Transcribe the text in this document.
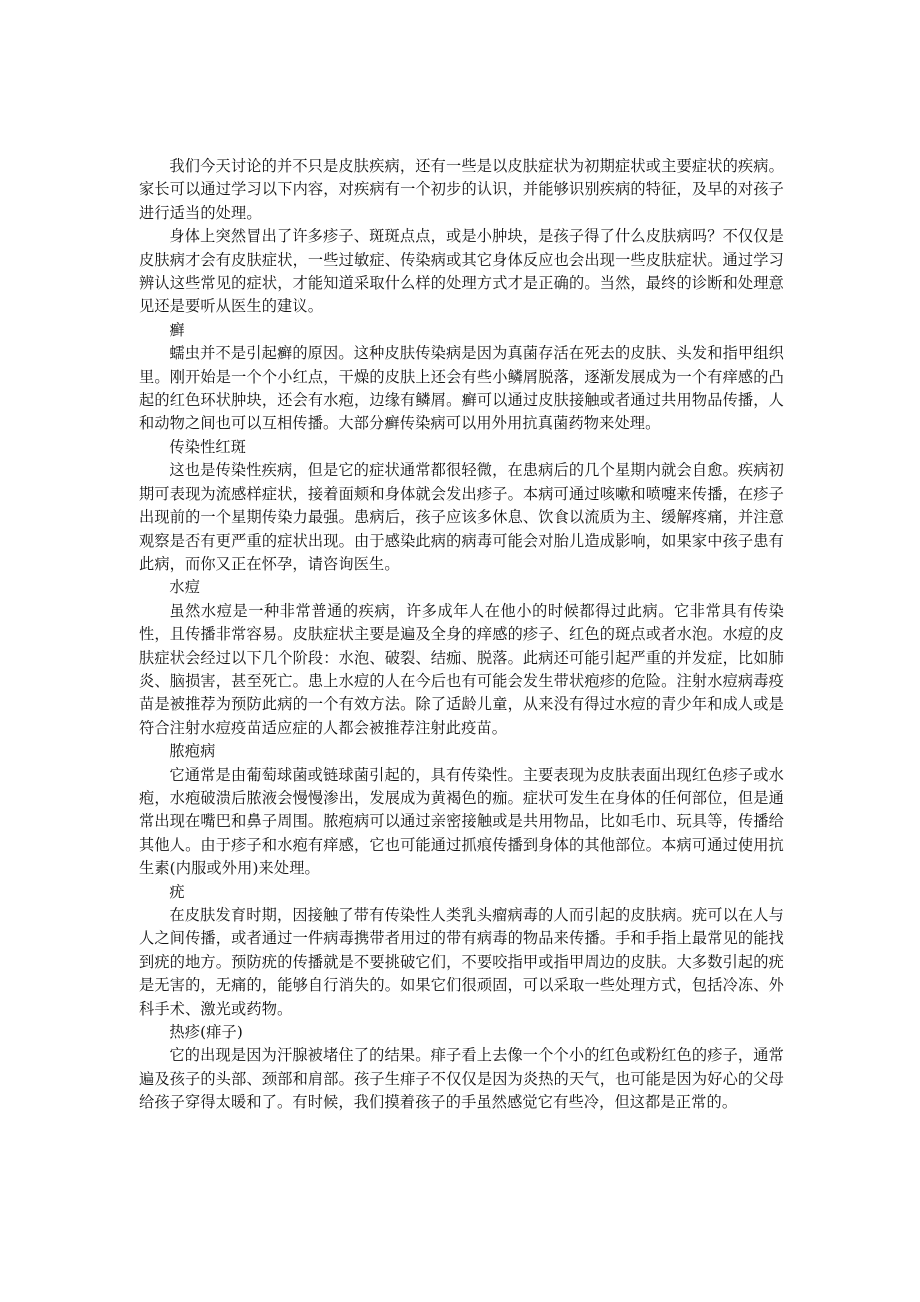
我们今天讨论的并不只是皮肤疾病，还有一些是以皮肤症状为初期症状或主要症状的疾病。家长可以通过学习以下内容，对疾病有一个初步的认识，并能够识别疾病的特征，及早的对孩子进行适当的处理。

身体上突然冒出了许多疹子、斑斑点点，或是小肿块，是孩子得了什么皮肤病吗？不仅仅是皮肤病才会有皮肤症状，一些过敏症、传染病或其它身体反应也会出现一些皮肤症状。通过学习辨认这些常见的症状，才能知道采取什么样的处理方式才是正确的。当然，最终的诊断和处理意见还是要听从医生的建议。

癣

蠕虫并不是引起癣的原因。这种皮肤传染病是因为真菌存活在死去的皮肤、头发和指甲组织里。刚开始是一个个小红点，干燥的皮肤上还会有些小鳞屑脱落，逐渐发展成为一个有痒感的凸起的红色环状肿块，还会有水疱，边缘有鳞屑。癣可以通过皮肤接触或者通过共用物品传播，人和动物之间也可以互相传播。大部分癣传染病可以用外用抗真菌药物来处理。

传染性红斑

这也是传染性疾病，但是它的症状通常都很轻微，在患病后的几个星期内就会自愈。疾病初期可表现为流感样症状，接着面颊和身体就会发出疹子。本病可通过咳嗽和喷嚏来传播，在疹子出现前的一个星期传染力最强。患病后，孩子应该多休息、饮食以流质为主、缓解疼痛，并注意观察是否有更严重的症状出现。由于感染此病的病毒可能会对胎儿造成影响，如果家中孩子患有此病，而你又正在怀孕，请咨询医生。

水痘

虽然水痘是一种非常普通的疾病，许多成年人在他小的时候都得过此病。它非常具有传染性，且传播非常容易。皮肤症状主要是遍及全身的痒感的疹子、红色的斑点或者水泡。水痘的皮肤症状会经过以下几个阶段：水泡、破裂、结痂、脱落。此病还可能引起严重的并发症，比如肺炎、脑损害，甚至死亡。患上水痘的人在今后也有可能会发生带状疱疹的危险。注射水痘病毒疫苗是被推荐为预防此病的一个有效方法。除了适龄儿童，从来没有得过水痘的青少年和成人或是符合注射水痘疫苗适应症的人都会被推荐注射此疫苗。

脓疱病

它通常是由葡萄球菌或链球菌引起的，具有传染性。主要表现为皮肤表面出现红色疹子或水疱，水疱破溃后脓液会慢慢渗出，发展成为黄褐色的痂。症状可发生在身体的任何部位，但是通常出现在嘴巴和鼻子周围。脓疱病可以通过亲密接触或是共用物品，比如毛巾、玩具等，传播给其他人。由于疹子和水疱有痒感，它也可能通过抓痕传播到身体的其他部位。本病可通过使用抗生素(内服或外用)来处理。

疣

在皮肤发育时期，因接触了带有传染性人类乳头瘤病毒的人而引起的皮肤病。疣可以在人与人之间传播，或者通过一件病毒携带者用过的带有病毒的物品来传播。手和手指上最常见的能找到疣的地方。预防疣的传播就是不要挑破它们，不要咬指甲或指甲周边的皮肤。大多数引起的疣是无害的，无痛的，能够自行消失的。如果它们很顽固，可以采取一些处理方式，包括冷冻、外科手术、激光或药物。

热疹(痱子)

它的出现是因为汗腺被堵住了的结果。痱子看上去像一个个小的红色或粉红色的疹子，通常遍及孩子的头部、颈部和肩部。孩子生痱子不仅仅是因为炎热的天气，也可能是因为好心的父母给孩子穿得太暖和了。有时候，我们摸着孩子的手虽然感觉它有些冷，但这都是正常的。
